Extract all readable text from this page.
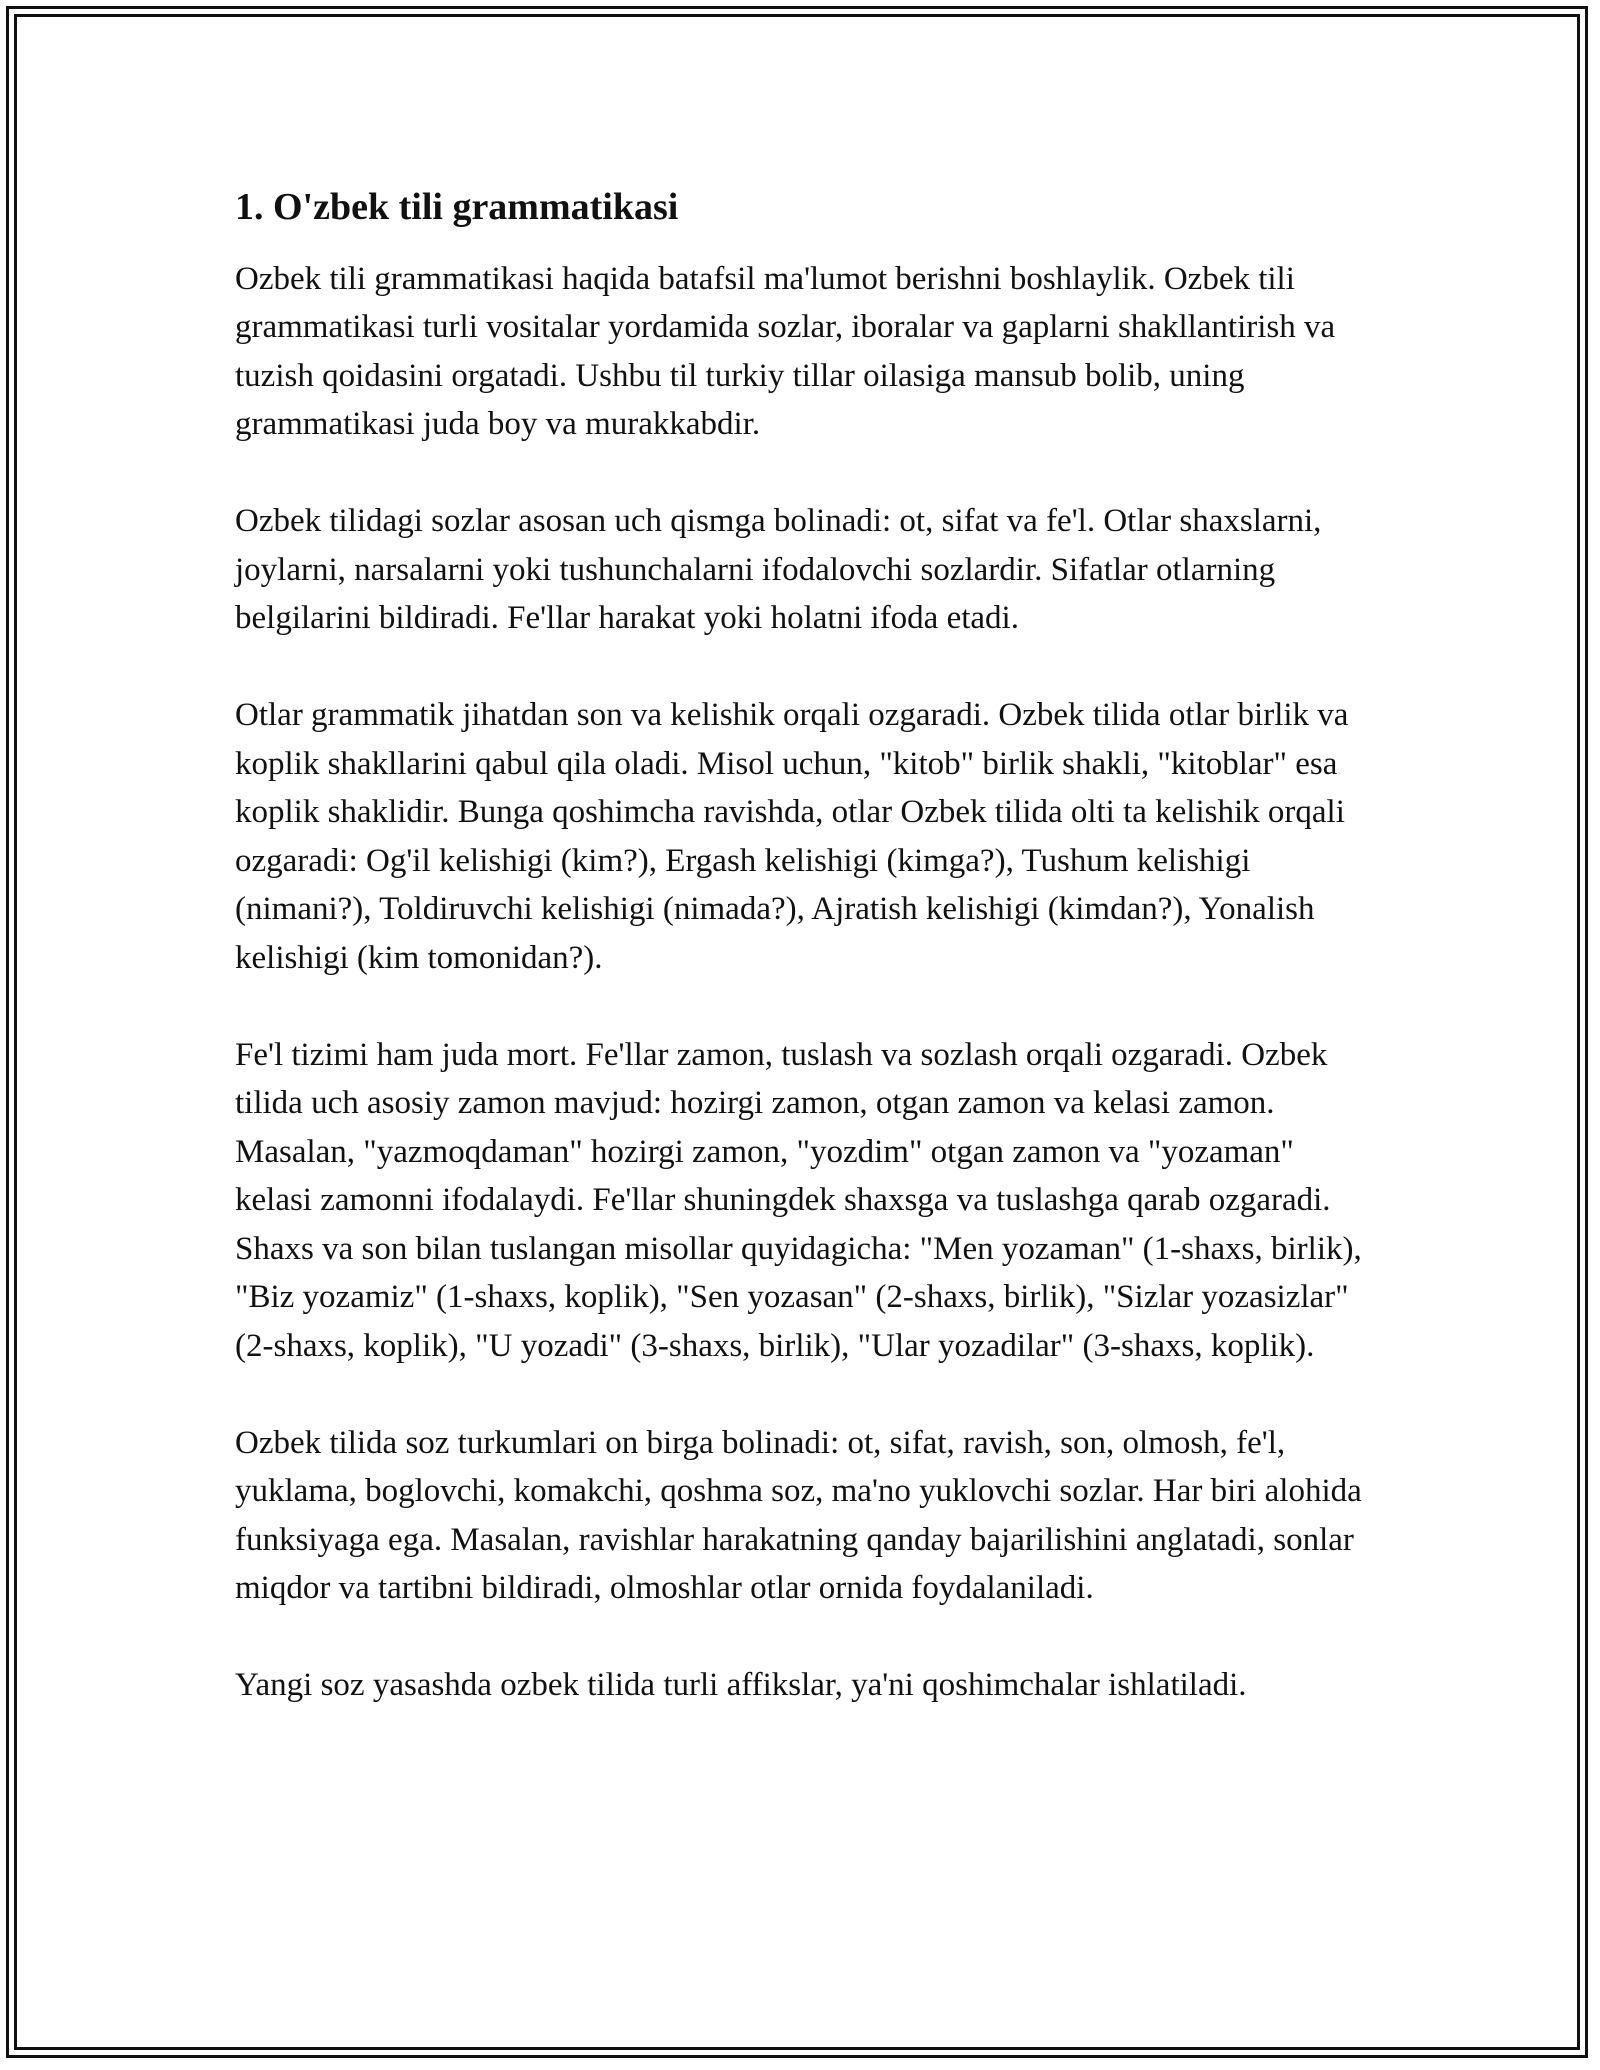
1. O'zbek tili grammatikasi

Ozbek tili grammatikasi haqida batafsil ma'lumot berishni boshlaylik. Ozbek tili grammatikasi turli vositalar yordamida sozlar, iboralar va gaplarni shakllantirish va tuzish qoidasini orgatadi. Ushbu til turkiy tillar oilasiga mansub bolib, uning grammatikasi juda boy va murakkabdir.

Ozbek tilidagi sozlar asosan uch qismga bolinadi: ot, sifat va fe'l. Otlar shaxslarni, joylarni, narsalarni yoki tushunchalarni ifodalovchi sozlardir. Sifatlar otlarning belgilarini bildiradi. Fe'llar harakat yoki holatni ifoda etadi.

Otlar grammatik jihatdan son va kelishik orqali ozgaradi. Ozbek tilida otlar birlik va koplik shakllarini qabul qila oladi. Misol uchun, "kitob" birlik shakli, "kitoblar" esa koplik shaklidir. Bunga qoshimcha ravishda, otlar Ozbek tilida olti ta kelishik orqali ozgaradi: Og'il kelishigi (kim?), Ergash kelishigi (kimga?), Tushum kelishigi (nimani?), Toldiruvchi kelishigi (nimada?), Ajratish kelishigi (kimdan?), Yonalish kelishigi (kim tomonidan?).

Fe'l tizimi ham juda mort. Fe'llar zamon, tuslash va sozlash orqali ozgaradi. Ozbek tilida uch asosiy zamon mavjud: hozirgi zamon, otgan zamon va kelasi zamon. Masalan, "yazmoqdaman" hozirgi zamon, "yozdim" otgan zamon va "yozaman" kelasi zamonni ifodalaydi. Fe'llar shuningdek shaxsga va tuslashga qarab ozgaradi. Shaxs va son bilan tuslangan misollar quyidagicha: "Men yozaman" (1-shaxs, birlik), "Biz yozamiz" (1-shaxs, koplik), "Sen yozasan" (2-shaxs, birlik), "Sizlar yozasizlar" (2-shaxs, koplik), "U yozadi" (3-shaxs, birlik), "Ular yozadilar" (3-shaxs, koplik).

Ozbek tilida soz turkumlari on birga bolinadi: ot, sifat, ravish, son, olmosh, fe'l, yuklama, boglovchi, komakchi, qoshma soz, ma'no yuklovchi sozlar. Har biri alohida funksiyaga ega. Masalan, ravishlar harakatning qanday bajarilishini anglatadi, sonlar miqdor va tartibni bildiradi, olmoshlar otlar ornida foydalaniladi.

Yangi soz yasashda ozbek tilida turli affikslar, ya'ni qoshimchalar ishlatiladi.
